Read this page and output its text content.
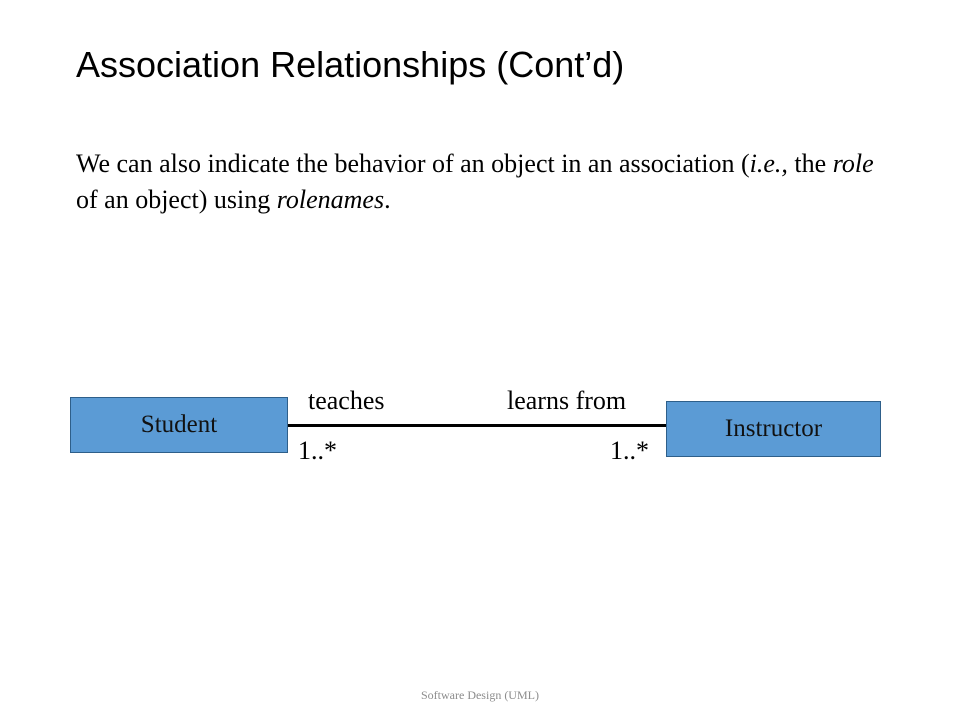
Association Relationships (Cont’d)

We can also indicate the behavior of an object in an association (i.e., the role of an object) using rolenames.

Student	Instructor
teaches	learns from
1..*	1..*
Software Design (UML)
